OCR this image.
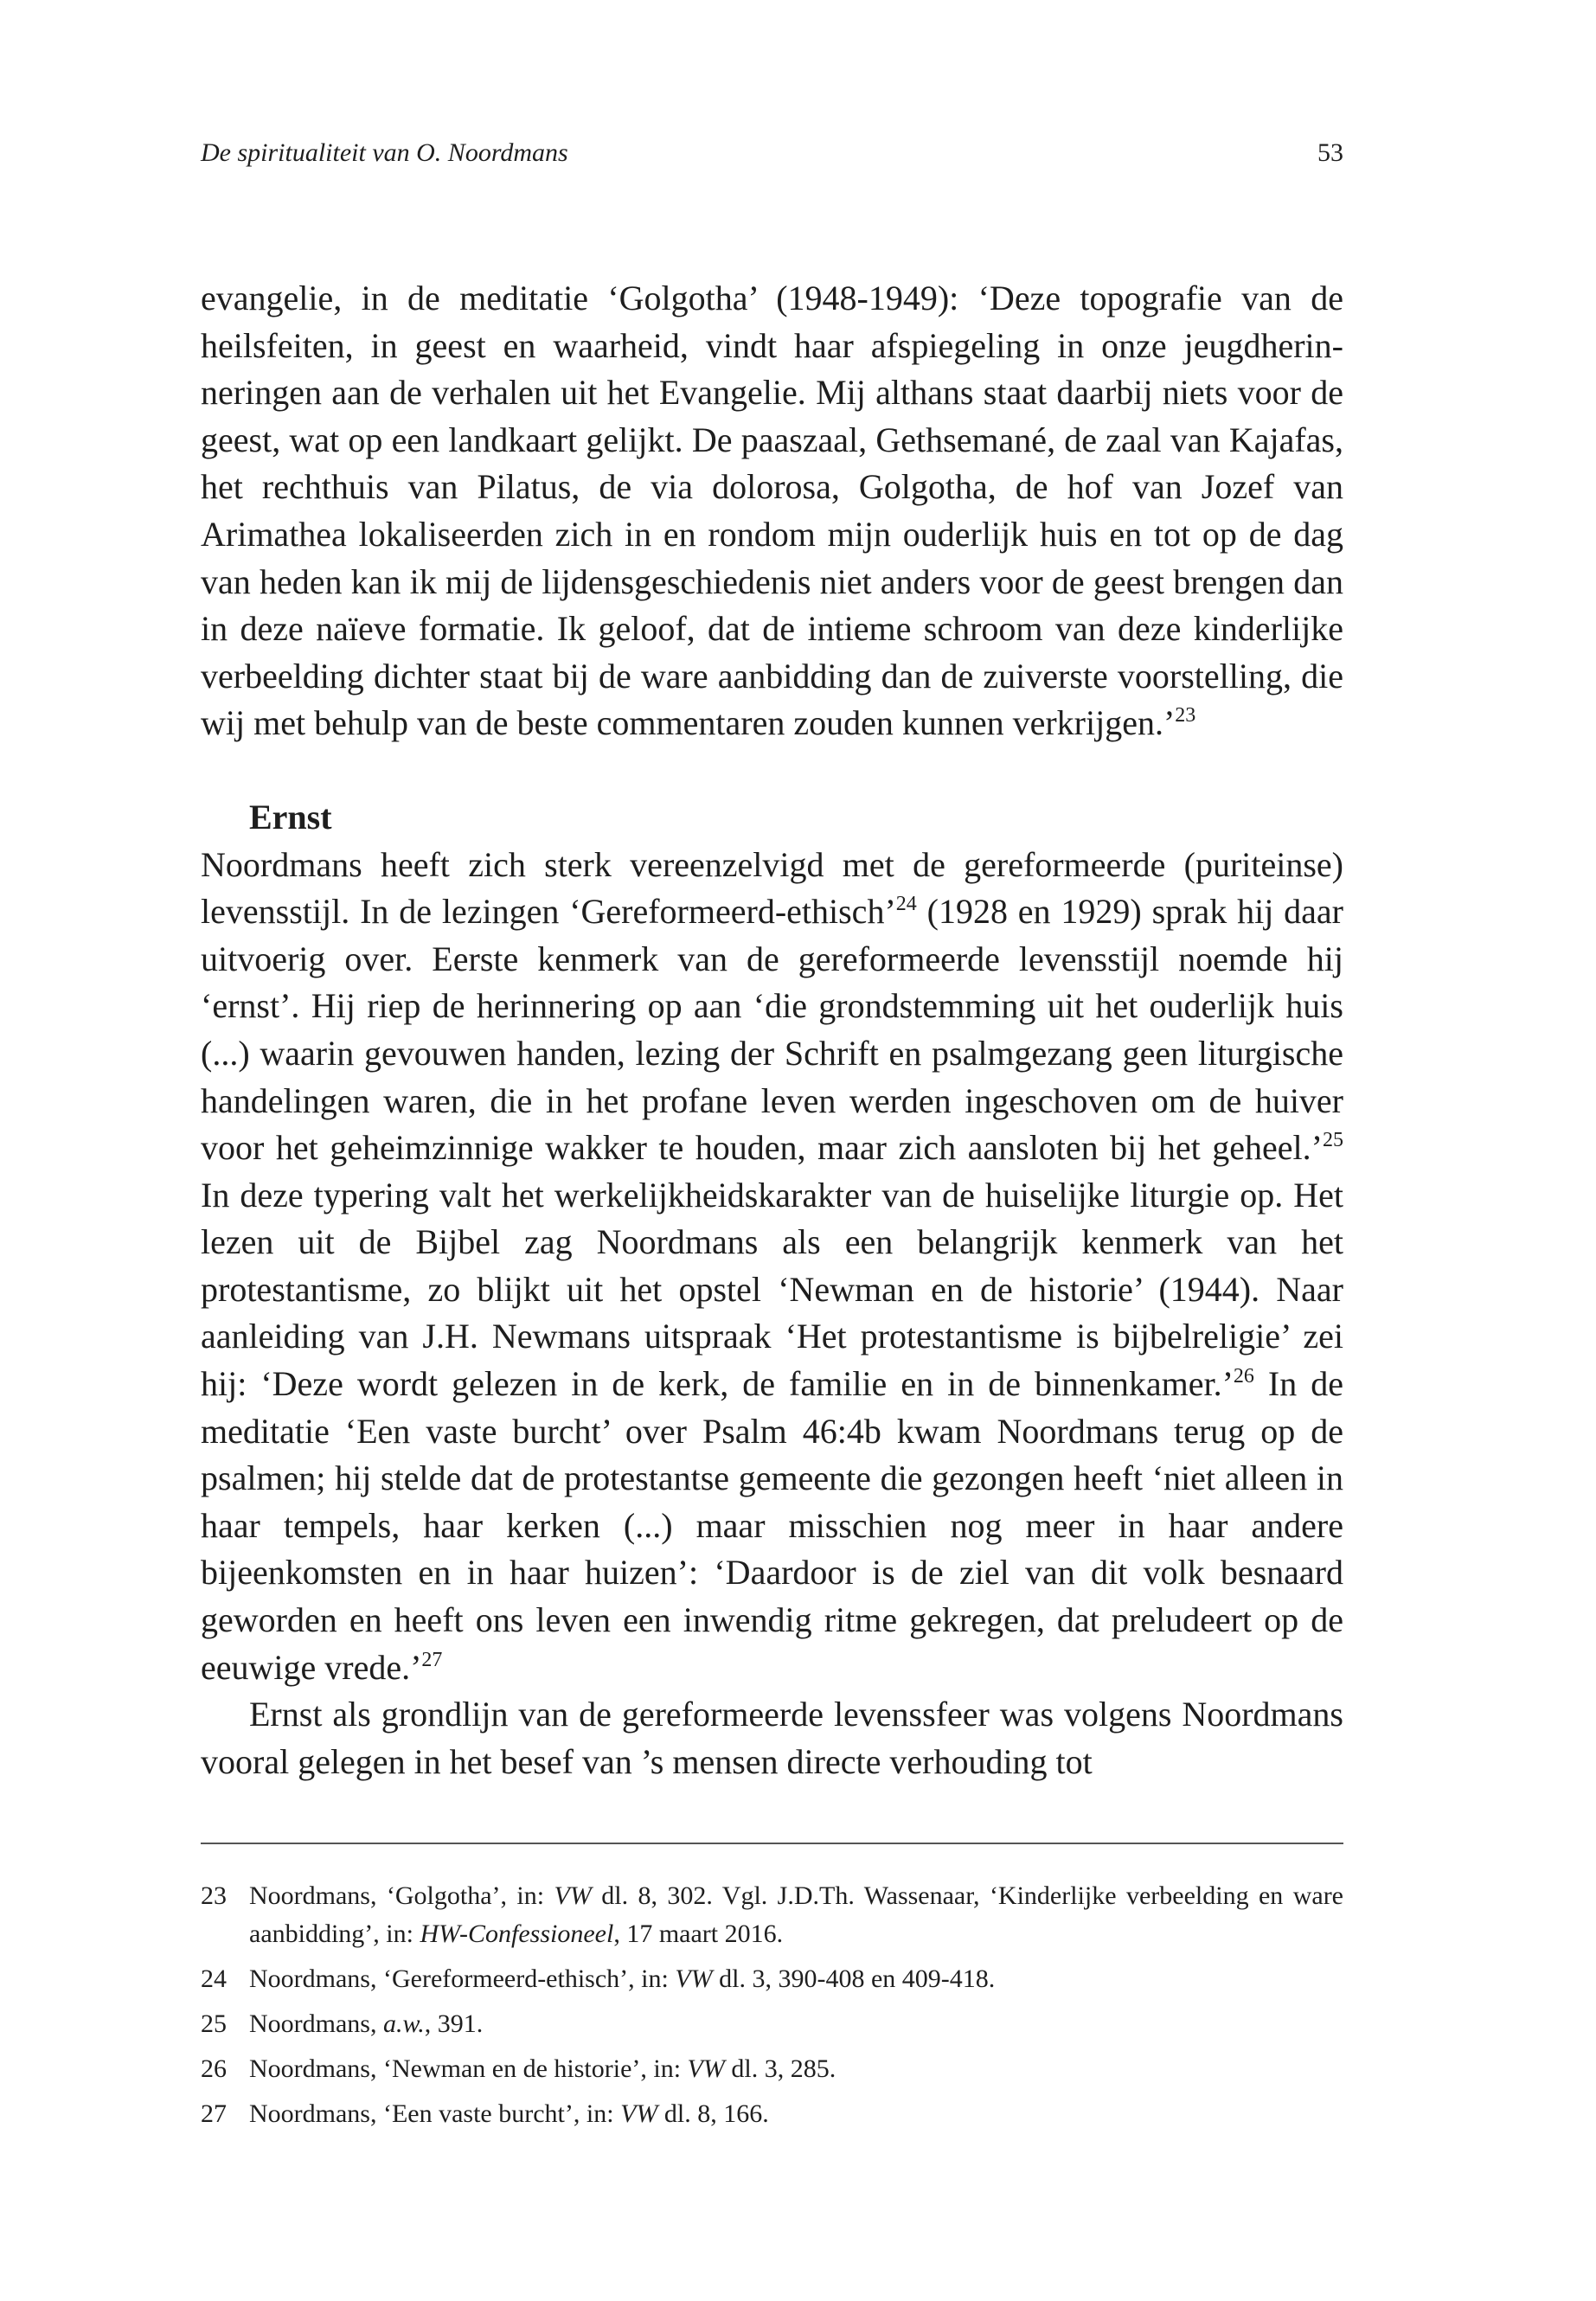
De spiritualiteit van O. Noordmans	53

evangelie, in de meditatie ‘Golgotha’ (1948-1949): ‘Deze topografie van de heilsfeiten, in geest en waarheid, vindt haar afspiegeling in onze jeugdherinneringen aan de verhalen uit het Evangelie. Mij althans staat daarbij niets voor de geest, wat op een landkaart gelijkt. De paaszaal, Gethsemané, de zaal van Kajafas, het rechthuis van Pilatus, de via dolorosa, Golgotha, de hof van Jozef van Arimathea lokaliseerden zich in en rondom mijn ouderlijk huis en tot op de dag van heden kan ik mij de lijdensgeschiedenis niet anders voor de geest brengen dan in deze naïeve formatie. Ik geloof, dat de intieme schroom van deze kinderlijke verbeelding dichter staat bij de ware aanbidding dan de zuiverste voorstelling, die wij met behulp van de beste commentaren zouden kunnen verkrijgen.’$^{23}$

Ernst

Noordmans heeft zich sterk vereenzelvigd met de gereformeerde (puriteinse) levensstijl. In de lezingen ‘Gereformeerd-ethisch’$^{24}$ (1928 en 1929) sprak hij daar uitvoerig over. Eerste kenmerk van de gereformeerde levensstijl noemde hij ‘ernst’. Hij riep de herinnering op aan ‘die grondstemming uit het ouderlijk huis (...) waarin gevouwen handen, lezing der Schrift en psalmgezang geen liturgische handelingen waren, die in het profane leven werden ingeschoven om de huiver voor het geheimzinnige wakker te houden, maar zich aansloten bij het geheel.’$^{25}$ In deze typering valt het werkelijkheidskarakter van de huiselijke liturgie op. Het lezen uit de Bijbel zag Noordmans als een belangrijk kenmerk van het protestantisme, zo blijkt uit het opstel ‘Newman en de historie’ (1944). Naar aanleiding van J.H. Newmans uitspraak ‘Het protestantisme is bijbelreligie’ zei hij: ‘Deze wordt gelezen in de kerk, de familie en in de binnenkamer.’$^{26}$ In de meditatie ‘Een vaste burcht’ over Psalm 46:4b kwam Noordmans terug op de psalmen; hij stelde dat de protestantse gemeente die gezongen heeft ‘niet alleen in haar tempels, haar kerken (...) maar misschien nog meer in haar andere bijeenkomsten en in haar huizen’: ‘Daardoor is de ziel van dit volk besnaard geworden en heeft ons leven een inwendig ritme gekregen, dat preludeert op de eeuwige vrede.’$^{27}$

Ernst als grondlijn van de gereformeerde levenssfeer was volgens Noordmans vooral gelegen in het besef van ’s mensen directe verhouding tot

23 Noordmans, ‘Golgotha’, in: VW dl. 8, 302. Vgl. J.D.Th. Wassenaar, ‘Kinderlijke verbeelding en ware aanbidding’, in: HW-Confessioneel, 17 maart 2016.
24 Noordmans, ‘Gereformeerd-ethisch’, in: VW dl. 3, 390-408 en 409-418.
25 Noordmans, a.w., 391.
26 Noordmans, ‘Newman en de historie’, in: VW dl. 3, 285.
27 Noordmans, ‘Een vaste burcht’, in: VW dl. 8, 166.
